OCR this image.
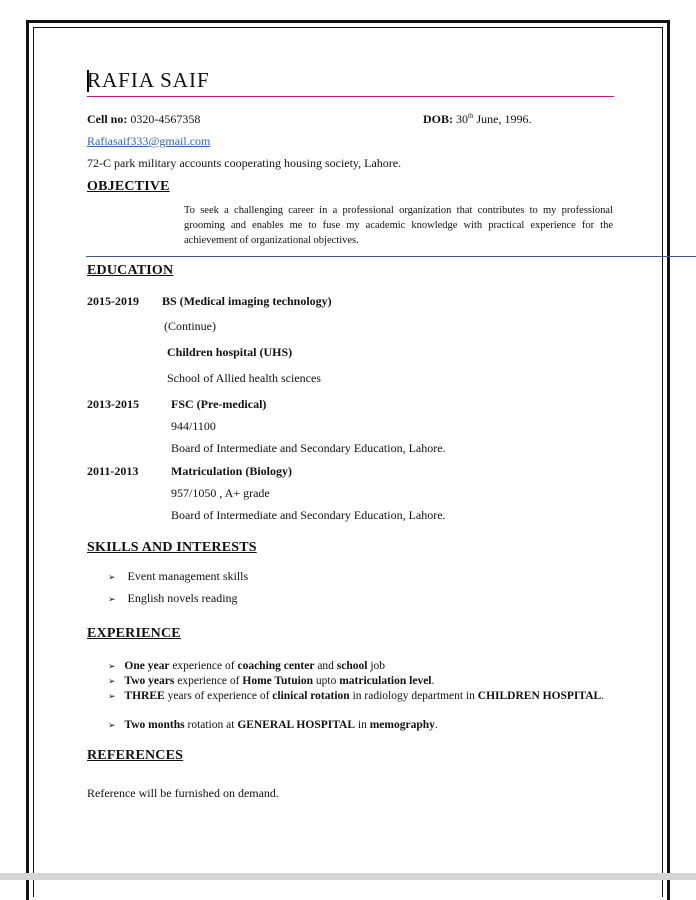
RAFIA SAIF
Cell no: 0320-4567358	DOB: 30th June, 1996.
Rafiasaif333@gmail.com
72-C park military accounts cooperating housing society, Lahore.
OBJECTIVE
To seek a challenging career in a professional organization that contributes to my professional grooming and enables me to fuse my academic knowledge with practical experience for the achievement of organizational objectives.
EDUCATION
2015-2019 BS (Medical imaging technology)
(Continue)
Children hospital (UHS)
School of Allied health sciences
2013-2015	FSC (Pre-medical)
944/1100
Board of Intermediate and Secondary Education, Lahore.
2011-2013	Matriculation (Biology)
957/1050 , A+ grade
Board of Intermediate and Secondary Education, Lahore.
SKILLS AND INTERESTS
➢ Event management skills
➢ English novels reading
EXPERIENCE
➢ One year experience of coaching center and school job
➢ Two years experience of Home Tutuion upto matriculation level.
➢ THREE years of experience of clinical rotation in radiology department in CHILDREN HOSPITAL.
➢ Two months rotation at GENERAL HOSPITAL in memography.
REFERENCES
Reference will be furnished on demand.
